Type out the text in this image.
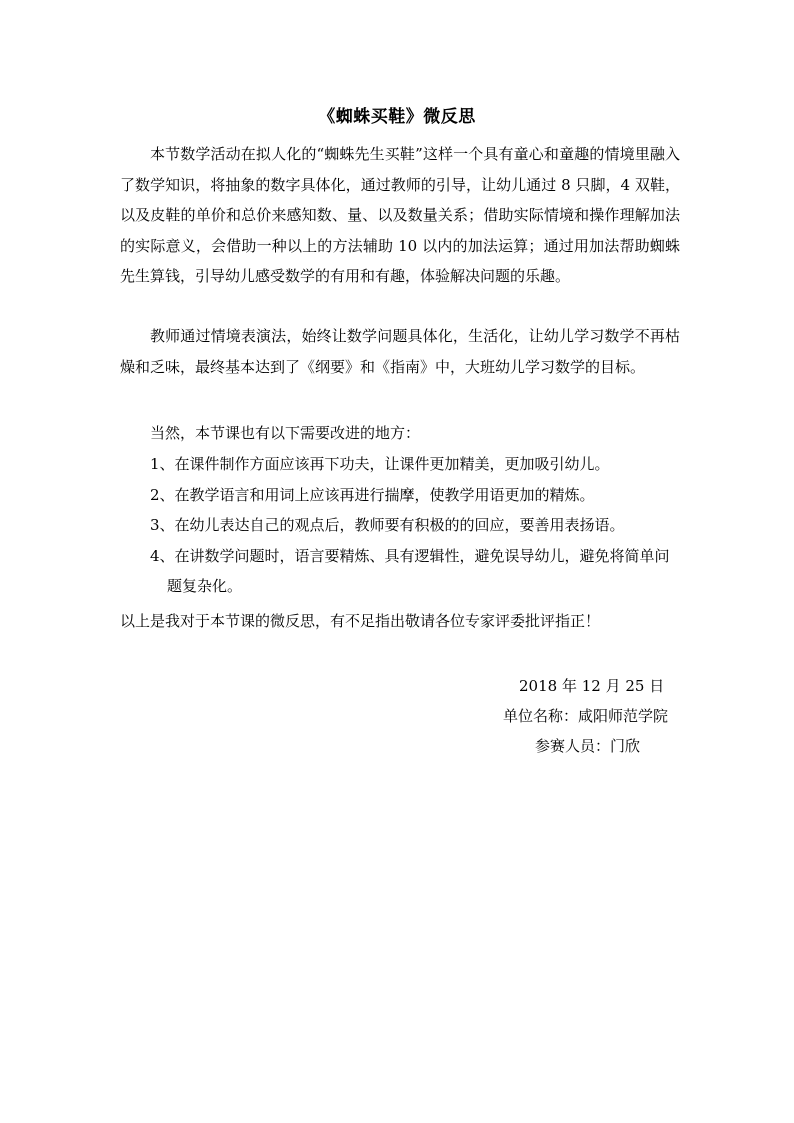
《蜘蛛买鞋》微反思

本节数学活动在拟人化的“蜘蛛先生买鞋”这样一个具有童心和童趣的情境里融入了数学知识，将抽象的数字具体化，通过教师的引导，让幼儿通过 8 只脚，4 双鞋，以及皮鞋的单价和总价来感知数、量、以及数量关系；借助实际情境和操作理解加法的实际意义，会借助一种以上的方法辅助 10 以内的加法运算；通过用加法帮助蜘蛛先生算钱，引导幼儿感受数学的有用和有趣，体验解决问题的乐趣。

教师通过情境表演法，始终让数学问题具体化，生活化，让幼儿学习数学不再枯燥和乏味，最终基本达到了《纲要》和《指南》中，大班幼儿学习数学的目标。

当然，本节课也有以下需要改进的地方：

1、在课件制作方面应该再下功夫，让课件更加精美，更加吸引幼儿。
2、在教学语言和用词上应该再进行揣摩，使教学用语更加的精炼。
3、在幼儿表达自己的观点后，教师要有积极的的回应，要善用表扬语。
4、在讲数学问题时，语言要精炼、具有逻辑性，避免误导幼儿，避免将简单问题复杂化。

以上是我对于本节课的微反思，有不足指出敬请各位专家评委批评指正！

2018 年 12 月 25 日
单位名称：咸阳师范学院
参赛人员：门欣
